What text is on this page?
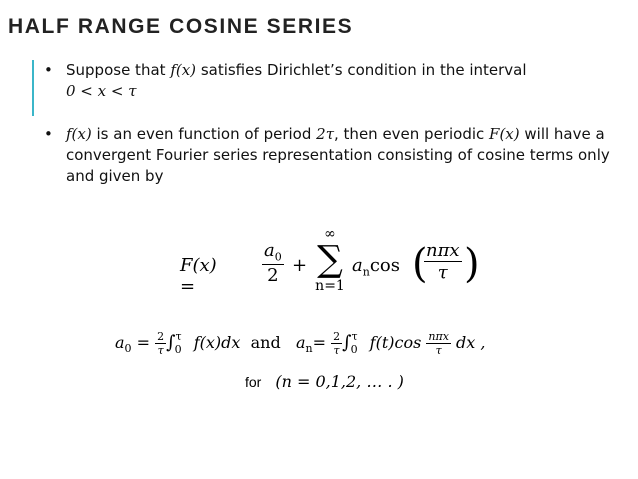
HALF RANGE COSINE SERIES
• Suppose that f(x) satisfies Dirichlet’s condition in the interval
0 < x < τ
• f(x) is an even function of period 2τ, then even periodic F(x) will have a convergent Fourier series representation consisting of cosine terms only and given by
F(x) =
$\frac{a_0}{2}$ +
∞
∑
n=1
$a_n\cos$ (
$\frac{\text{nπx}}{\tau}$ )
$a_0 = \frac{2}{\tau} \int^\tau_0$ f(x)dx and $a_n= \frac{2}{\tau} \int^\tau_0$ $f(t)\cos \frac{\text{nπx}}{\tau}$ dx ,
for (n = 0,1,2, … . )
